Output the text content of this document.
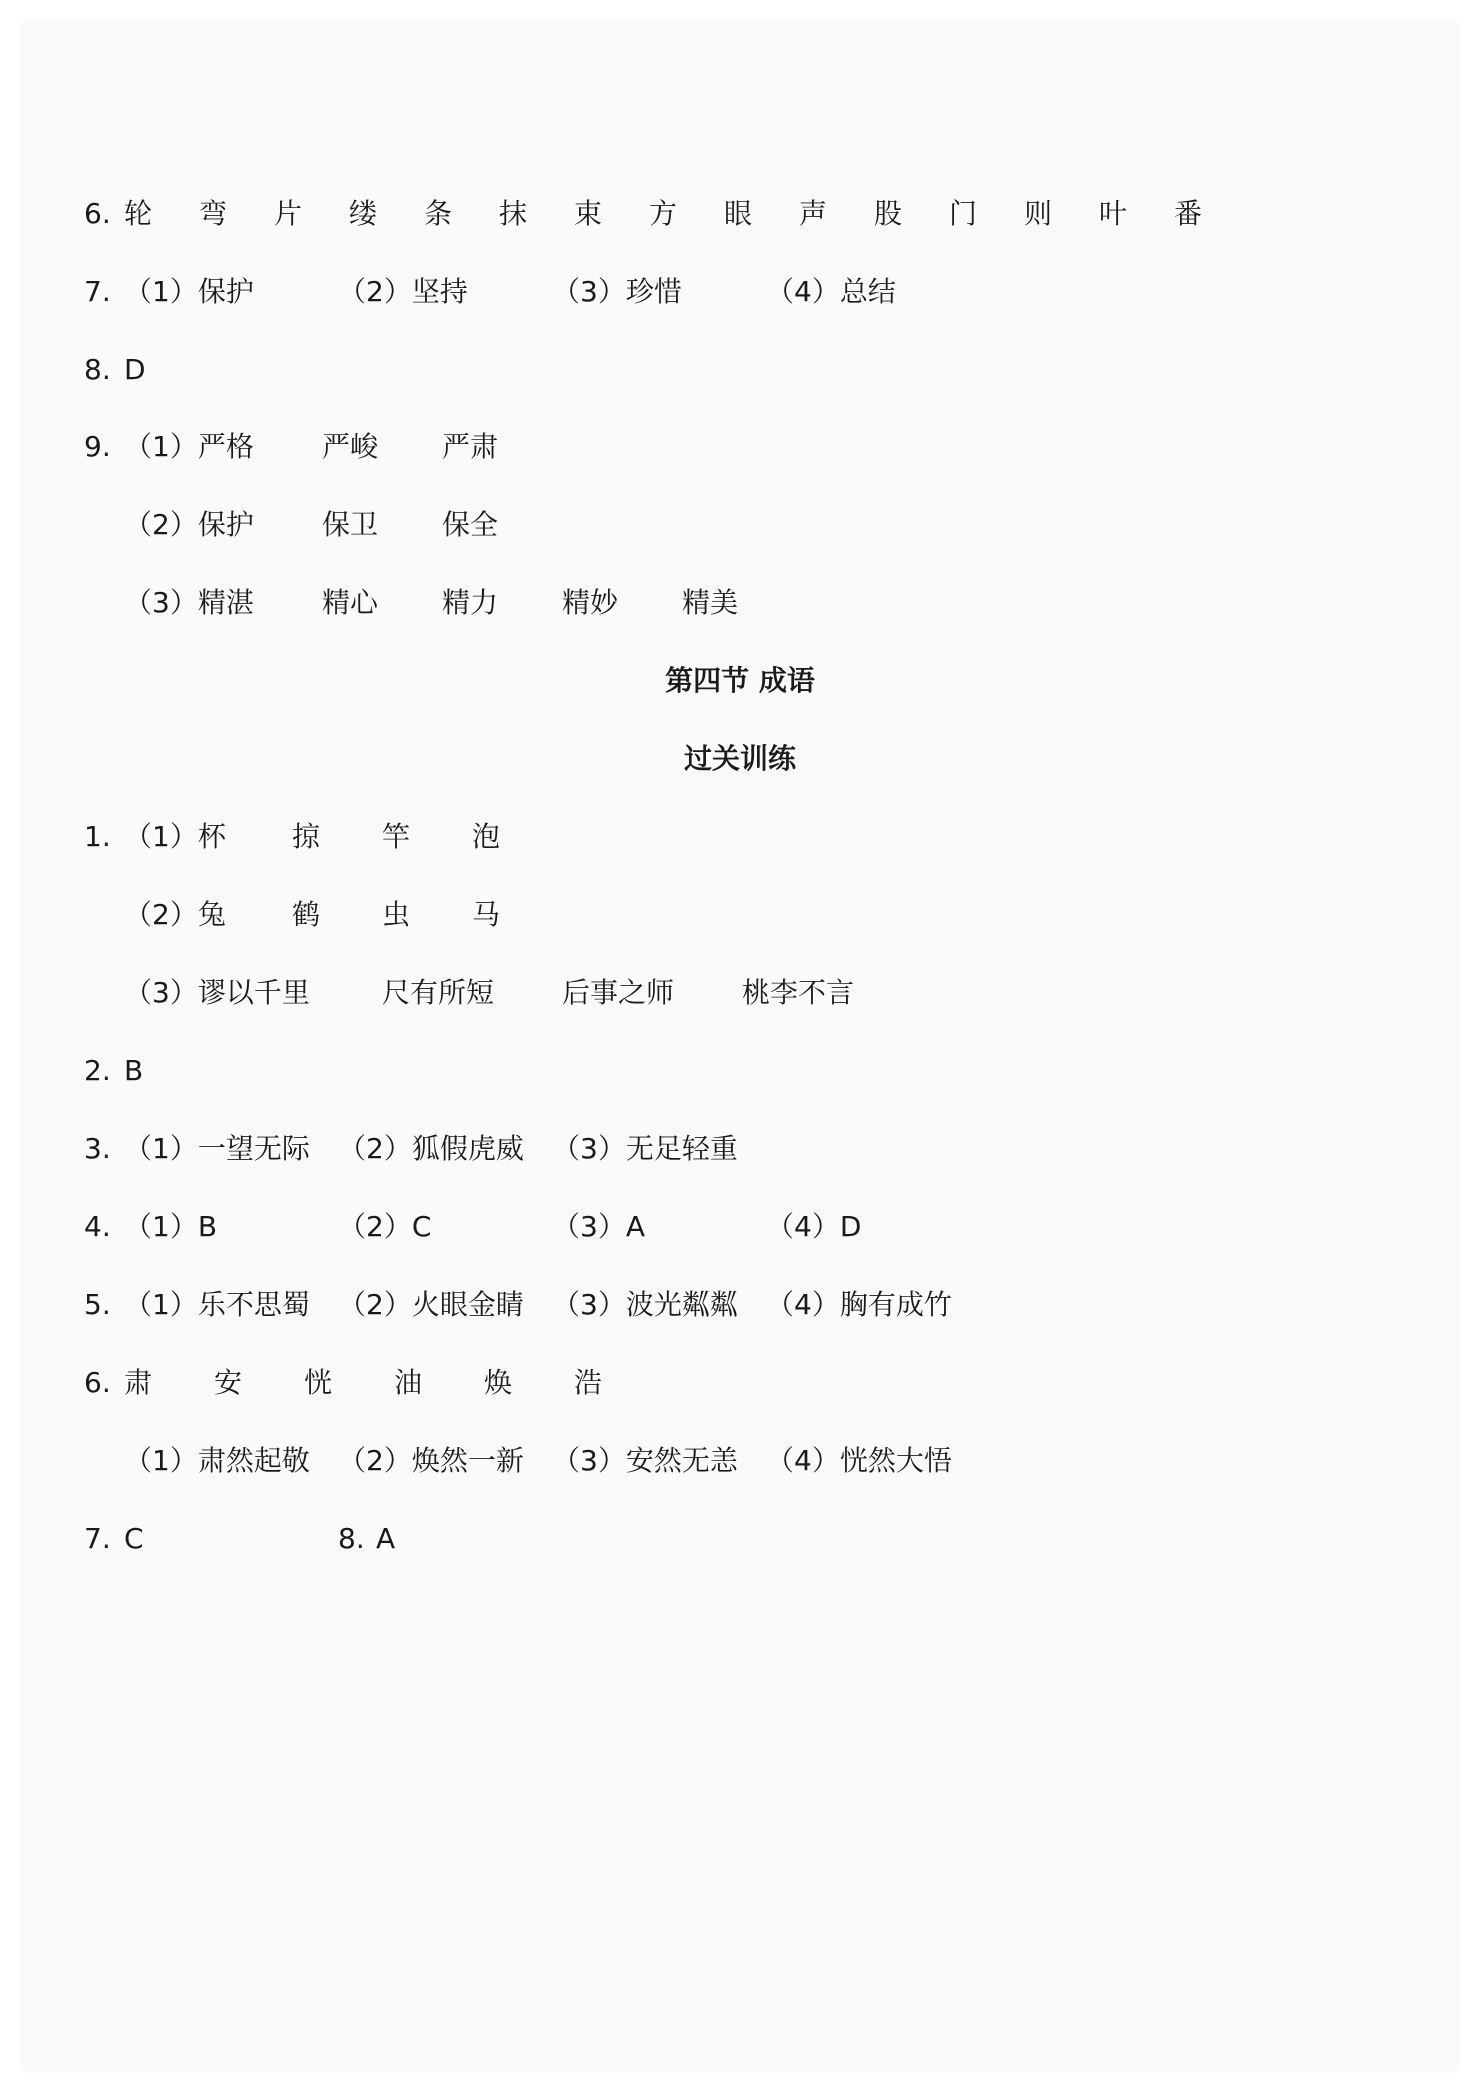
6. 轮 弯 片 缕 条 抹 束 方 眼 声 股 门 则 叶 番
7. （1）保护	（2）坚持	（3）珍惜	（4）总结
8. D
9. （1）严格 严峻 严肃
（2）保护 保卫 保全
（3）精湛 精心 精力 精妙 精美
第四节 成语
过关训练
1. （1）杯 掠 竿 泡
（2）兔 鹤 虫 马
（3）谬以千里	尺有所短 后事之师 桃李不言
2. B
3. （1）一望无际 （2）狐假虎威 （3）无足轻重
4. （1）B	（2）C	（3）A	（4）D
5. （1）乐不思蜀 （2）火眼金睛 （3）波光粼粼 （4）胸有成竹
6. 肃 安 恍 油 焕 浩
（1）肃然起敬 （2）焕然一新 （3）安然无恙 （4）恍然大悟
7. C	8. A
